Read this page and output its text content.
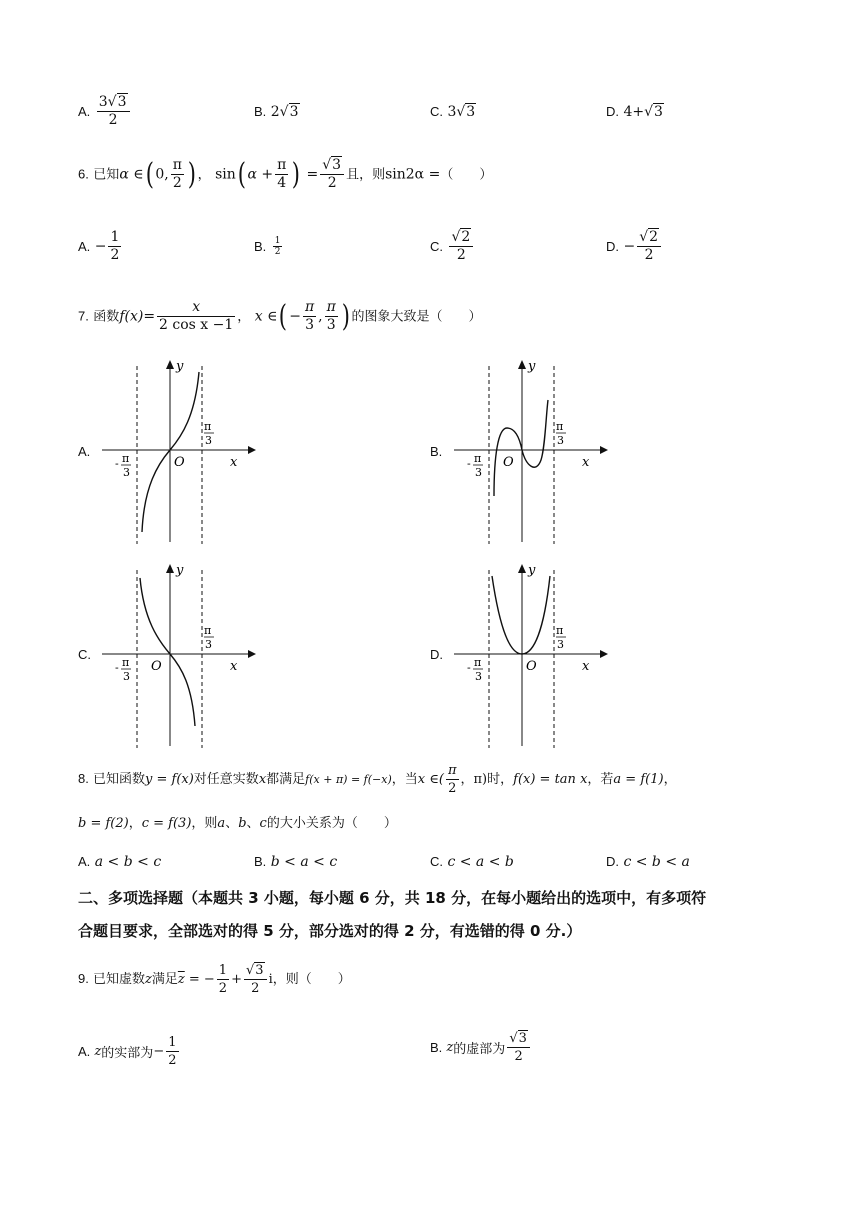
A. $\frac{3√3}{2}$	B. 2√3	C. 3√3	D. 4+√3
6. 已知α ∈( 0, $\frac{\pi}{2}$ ) ， sin( $\alpha + \frac{\pi}{4}$ ) = $\frac{√3}{2}$ 且，则sin2α =（　　）
A. − $\frac{1}{2}$	B. $\frac{1}{2}$	C. $\frac{√2}{2}$	D. − $\frac{√2}{2}$
7. 函数$f(x)= \frac{x}{\text{2 cos x −1}}$ ， x ∈( − $\frac{\pi}{3}$ , $\frac{\pi}{3}$ ) 的图象大致是（　　）
A.	B.
C.	D.
y
x
O
π
3
- π
3
y
x
O
π
3
- π
3
y
x
O
π
3
- π
3
y
x
O
π
3
- π
3
8. 已知函数y = f(x)对任意实数x都满足f(x + π) = f(−x)，当x ∈( $\frac{\pi}{2}$ ，π)时，f(x) = tan x，若a = f(1)，
b = f(2)，c = f(3)，则a、b、c的大小关系为（　　）
A. a < b < c	B. b < a < c	C. c < a < b	D. c < b < a
二、多项选择题（本题共 3 小题，每小题 6 分，共 18 分，在每小题给出的选项中，有多项符
合题目要求，全部选对的得 5 分，部分选对的得 2 分，有选错的得 0 分.）
9. 已知虚数z满足$\overline{z}$ = − $\frac{1}{2} + \frac{√3}{2}$ i，则（　　）
A. z的实部为− $\frac{1}{2}$	B. z的虚部为 $\frac{√3}{2}$
